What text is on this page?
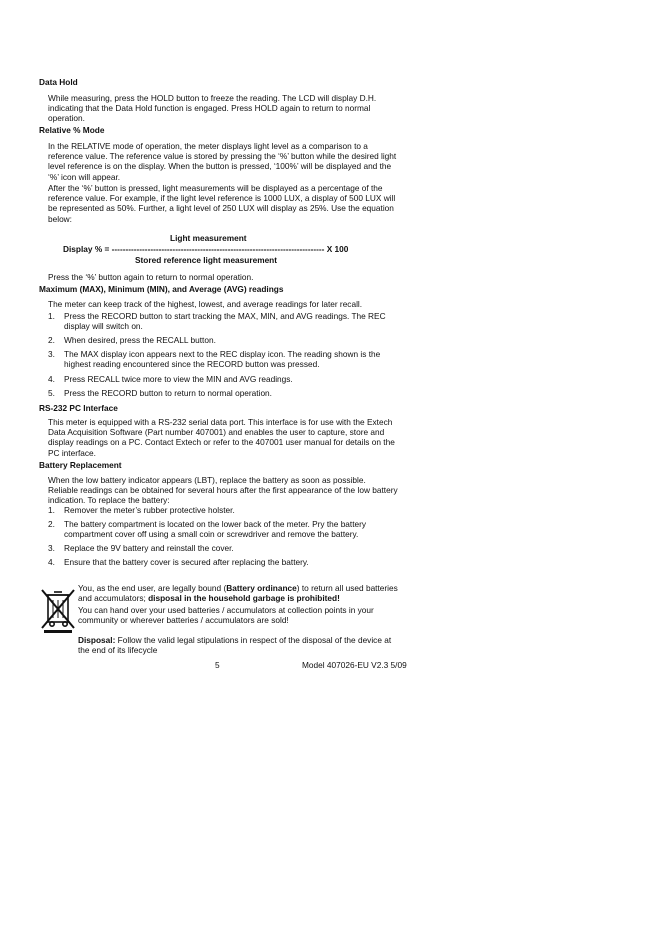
Data Hold
While measuring, press the HOLD button to freeze the reading. The LCD will display D.H. indicating that the Data Hold function is engaged. Press HOLD again to return to normal operation.
Relative % Mode
In the RELATIVE mode of operation, the meter displays light level as a comparison to a reference value. The reference value is stored by pressing the ‘%’ button while the desired light level reference is on the display. When the button is pressed, ‘100%’ will be displayed and the ‘%’ icon will appear.
After the ‘%’ button is pressed, light measurements will be displayed as a percentage of the reference value. For example, if the light level reference is 1000 LUX, a display of 500 LUX will be represented as 50%. Further, a light level of 250 LUX will display as 25%. Use the equation below:
Light measurement
Display % = ----------------------------------------------------------------------------- X 100
Stored reference light measurement
Press the ‘%’ button again to return to normal operation.
Maximum (MAX), Minimum (MIN), and Average (AVG) readings
The meter can keep track of the highest, lowest, and average readings for later recall.
1.	Press the RECORD button to start tracking the MAX, MIN, and AVG readings. The REC display will switch on.
2.	When desired, press the RECALL button.
3.	The MAX display icon appears next to the REC display icon. The reading shown is the highest reading encountered since the RECORD button was pressed.
4.	Press RECALL twice more to view the MIN and AVG readings.
5.	Press the RECORD button to return to normal operation.
RS-232 PC Interface
This meter is equipped with a RS-232 serial data port. This interface is for use with the Extech Data Acquisition Software (Part number 407001) and enables the user to capture, store and display readings on a PC. Contact Extech or refer to the 407001 user manual for details on the PC interface.
Battery Replacement
When the low battery indicator appears (LBT), replace the battery as soon as possible. Reliable readings can be obtained for several hours after the first appearance of the low battery indication. To replace the battery:
1.	Remover the meter’s rubber protective holster.
2.	The battery compartment is located on the lower back of the meter. Pry the battery compartment cover off using a small coin or screwdriver and remove the battery.
3.	Replace the 9V battery and reinstall the cover.
4.	Ensure that the battery cover is secured after replacing the battery.
You, as the end user, are legally bound (Battery ordinance) to return all used batteries and accumulators; disposal in the household garbage is prohibited!
You can hand over your used batteries / accumulators at collection points in your community or wherever batteries / accumulators are sold!
Disposal: Follow the valid legal stipulations in respect of the disposal of the device at the end of its lifecycle
5	Model 407026-EU V2.3 5/09
